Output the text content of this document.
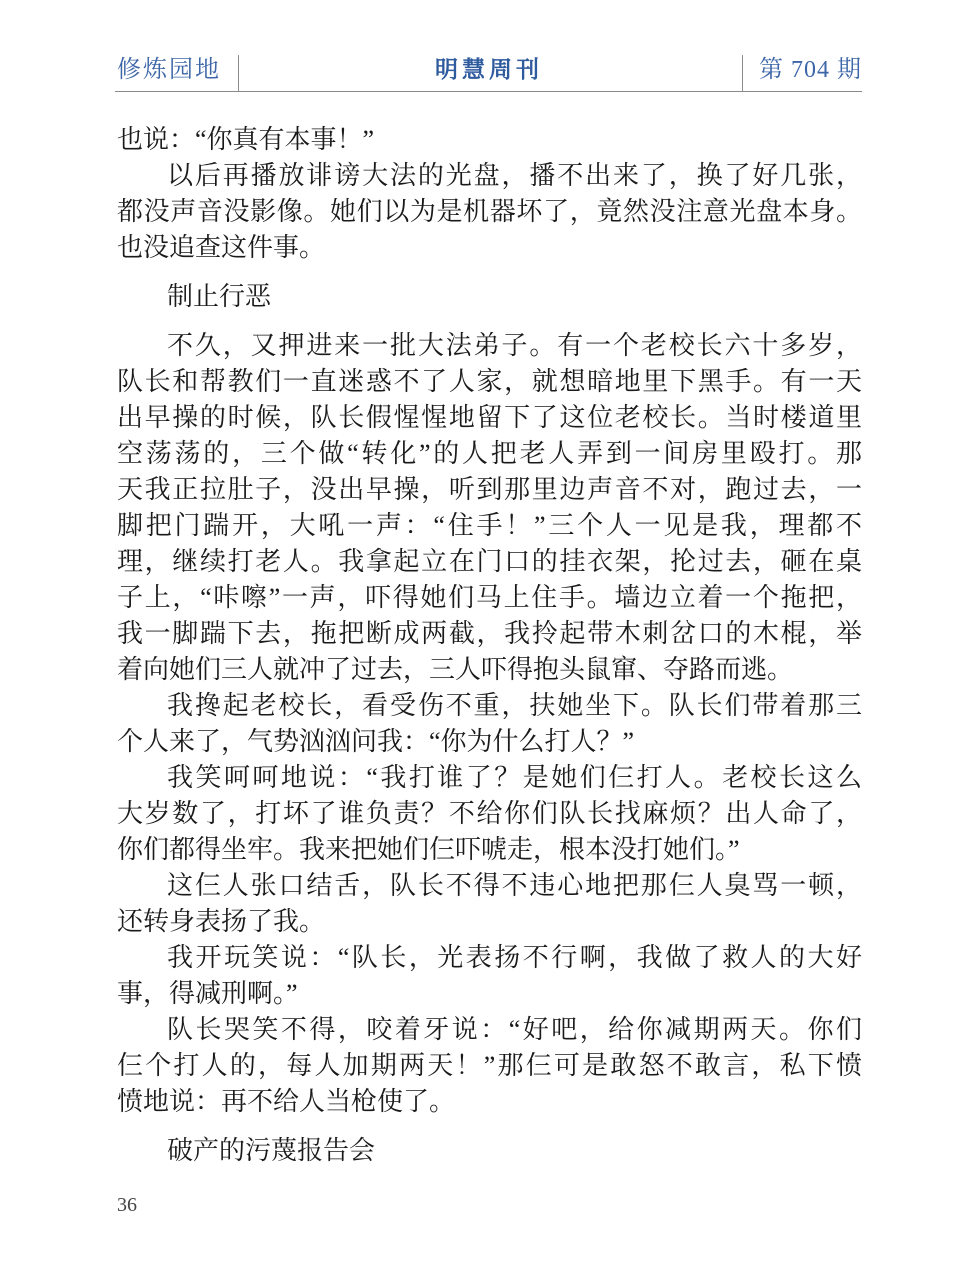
修炼园地	明慧周刊	第 704 期
也说：“你真有本事！”
以后再播放诽谤大法的光盘，播不出来了，换了好几张，
都没声音没影像。她们以为是机器坏了，竟然没注意光盘本身。
也没追查这件事。
制止行恶
不久，又押进来一批大法弟子。有一个老校长六十多岁，
队长和帮教们一直迷惑不了人家，就想暗地里下黑手。有一天
出早操的时候，队长假惺惺地留下了这位老校长。当时楼道里
空荡荡的，三个做“转化”的人把老人弄到一间房里殴打。那
天我正拉肚子，没出早操，听到那里边声音不对，跑过去，一
脚把门踹开，大吼一声：“住手！”三个人一见是我，理都不
理，继续打老人。我拿起立在门口的挂衣架，抡过去，砸在桌
子上，“咔嚓”一声，吓得她们马上住手。墙边立着一个拖把，
我一脚踹下去，拖把断成两截，我拎起带木刺岔口的木棍，举
着向她们三人就冲了过去，三人吓得抱头鼠窜、夺路而逃。
我搀起老校长，看受伤不重，扶她坐下。队长们带着那三
个人来了，气势汹汹问我：“你为什么打人？”
我笑呵呵地说：“我打谁了？是她们仨打人。老校长这么
大岁数了，打坏了谁负责？不给你们队长找麻烦？出人命了，
你们都得坐牢。我来把她们仨吓唬走，根本没打她们。”
这仨人张口结舌，队长不得不违心地把那仨人臭骂一顿，
还转身表扬了我。
我开玩笑说：“队长，光表扬不行啊，我做了救人的大好
事，得减刑啊。”
队长哭笑不得，咬着牙说：“好吧，给你减期两天。你们
仨个打人的，每人加期两天！”那仨可是敢怒不敢言，私下愤
愤地说：再不给人当枪使了。
破产的污蔑报告会
36
